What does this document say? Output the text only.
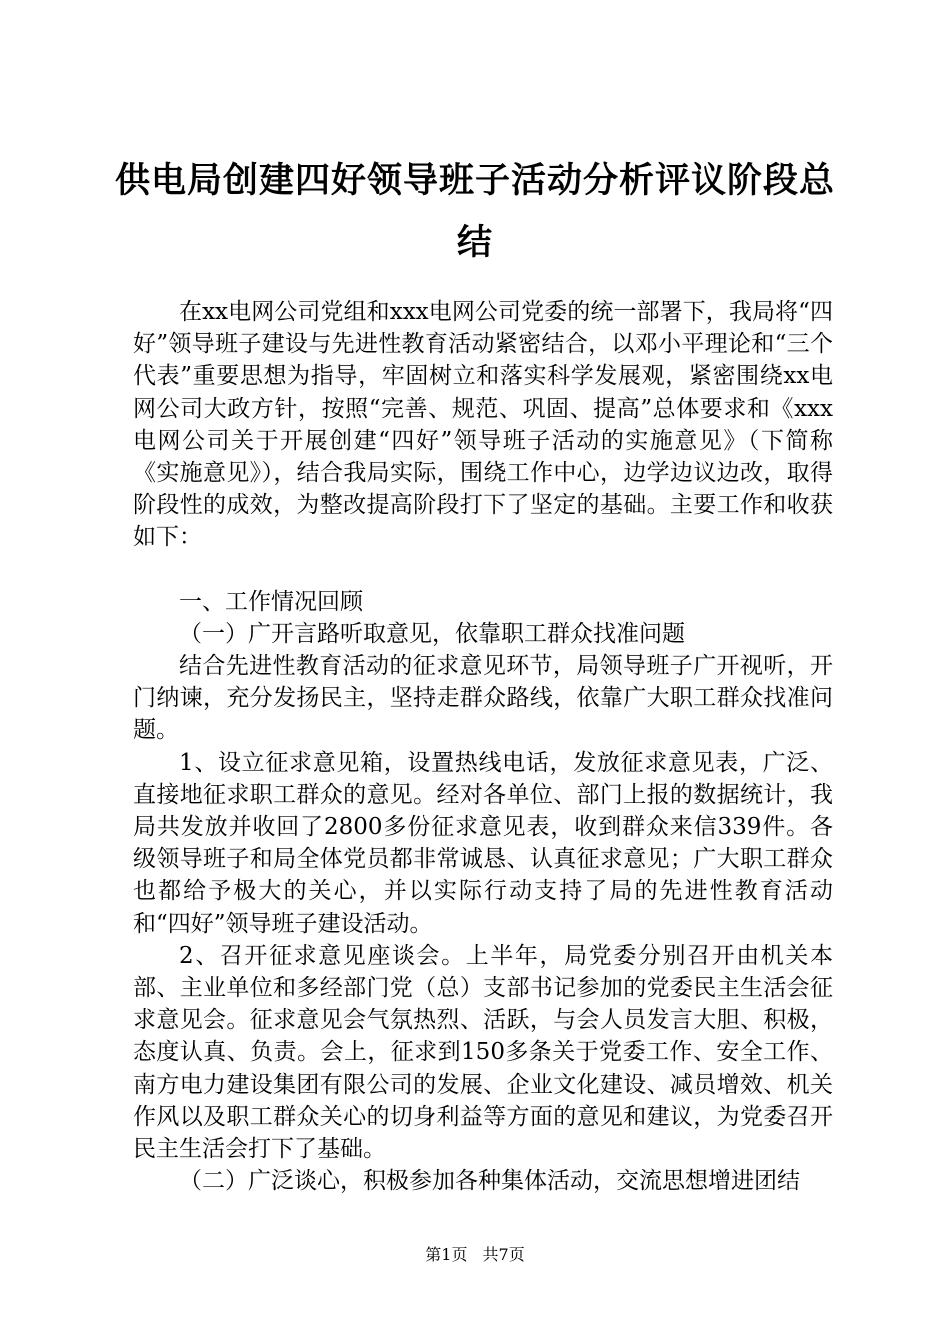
供电局创建四好领导班子活动分析评议阶段总
结

在xx电网公司党组和xxx电网公司党委的统一部署下，我局将“四好”领导班子建设与先进性教育活动紧密结合，以邓小平理论和“三个代表”重要思想为指导，牢固树立和落实科学发展观，紧密围绕xx电网公司大政方针，按照“完善、规范、巩固、提高”总体要求和《xxx电网公司关于开展创建“四好”领导班子活动的实施意见》（下简称《实施意见》），结合我局实际，围绕工作中心，边学边议边改，取得阶段性的成效，为整改提高阶段打下了坚定的基础。主要工作和收获如下：

一、工作情况回顾

（一）广开言路听取意见，依靠职工群众找准问题

结合先进性教育活动的征求意见环节，局领导班子广开视听，开门纳谏，充分发扬民主，坚持走群众路线，依靠广大职工群众找准问题。

1、设立征求意见箱，设置热线电话，发放征求意见表，广泛、直接地征求职工群众的意见。经对各单位、部门上报的数据统计，我局共发放并收回了2800多份征求意见表，收到群众来信339件。各级领导班子和局全体党员都非常诚恳、认真征求意见；广大职工群众也都给予极大的关心，并以实际行动支持了局的先进性教育活动和“四好”领导班子建设活动。

2、召开征求意见座谈会。上半年，局党委分别召开由机关本部、主业单位和多经部门党（总）支部书记参加的党委民主生活会征求意见会。征求意见会气氛热烈、活跃，与会人员发言大胆、积极，态度认真、负责。会上，征求到150多条关于党委工作、安全工作、南方电力建设集团有限公司的发展、企业文化建设、减员增效、机关作风以及职工群众关心的切身利益等方面的意见和建议，为党委召开民主生活会打下了基础。

（二）广泛谈心，积极参加各种集体活动，交流思想增进团结

第1页 共7页
